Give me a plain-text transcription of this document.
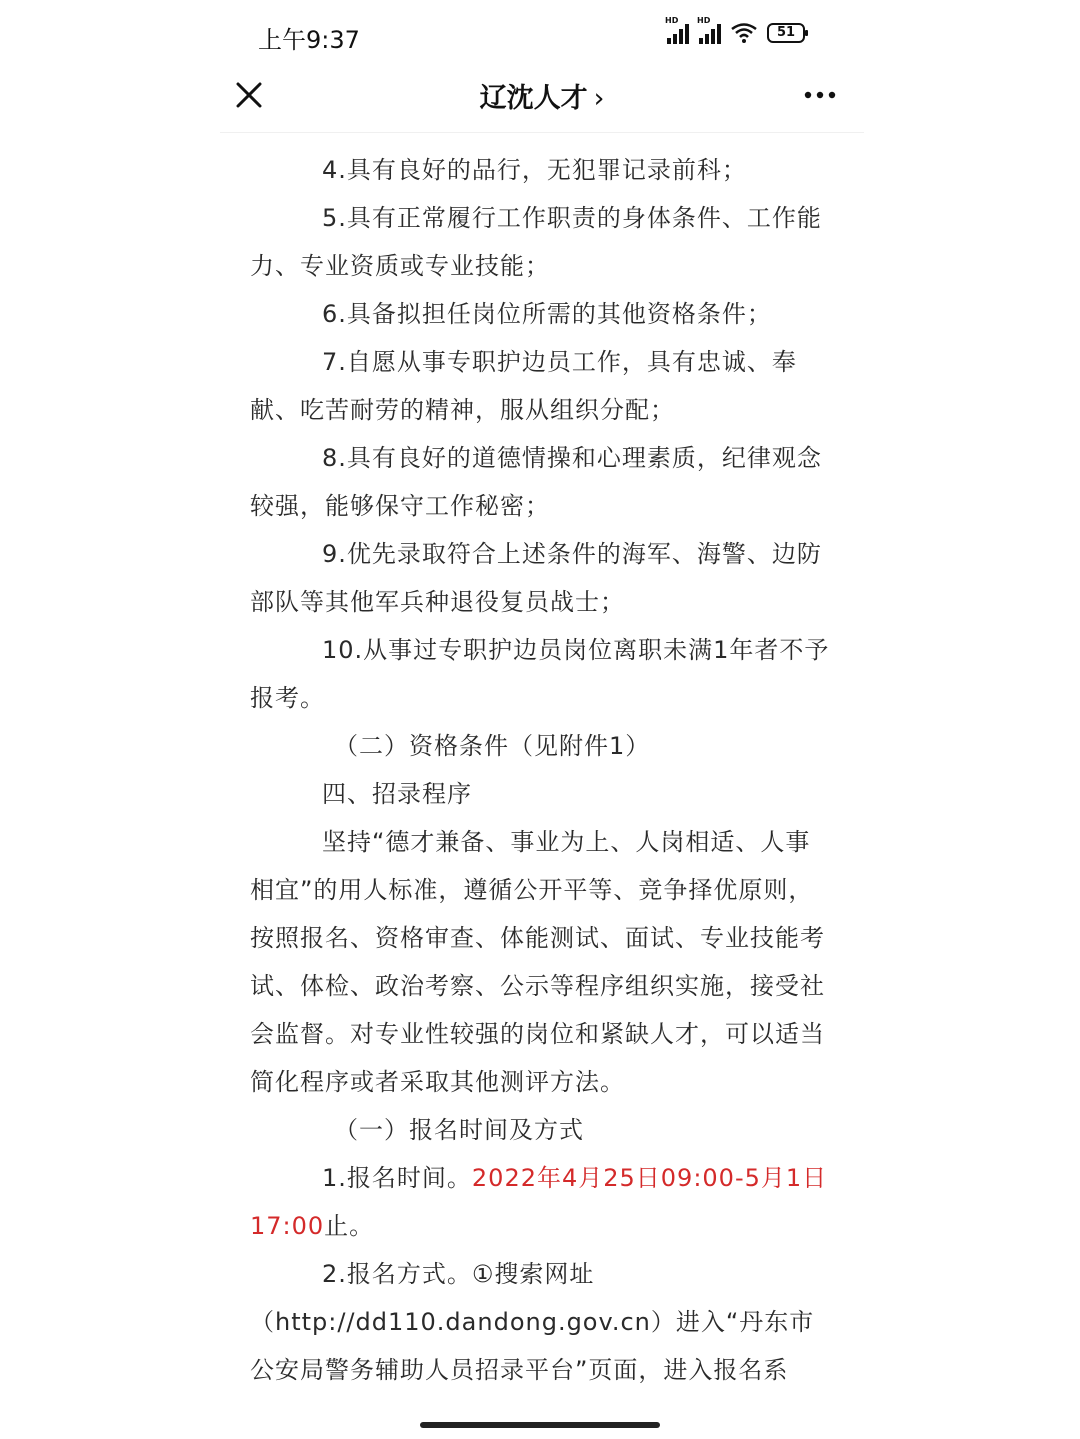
上午9:37
HD HD
51
辽沈人才 ›

4.具有良好的品行，无犯罪记录前科；

5.具有正常履行工作职责的身体条件、工作能力、专业资质或专业技能；

6.具备拟担任岗位所需的其他资格条件；

7.自愿从事专职护边员工作，具有忠诚、奉献、吃苦耐劳的精神，服从组织分配；

8.具有良好的道德情操和心理素质，纪律观念较强，能够保守工作秘密；

9.优先录取符合上述条件的海军、海警、边防部队等其他军兵种退役复员战士；

10.从事过专职护边员岗位离职未满1年者不予报考。

（二）资格条件（见附件1）

四、招录程序

坚持“德才兼备、事业为上、人岗相适、人事相宜”的用人标准，遵循公开平等、竞争择优原则，按照报名、资格审查、体能测试、面试、专业技能考试、体检、政治考察、公示等程序组织实施，接受社会监督。对专业性较强的岗位和紧缺人才，可以适当简化程序或者采取其他测评方法。

（一）报名时间及方式

1.报名时间。2022年4月25日09:00-5月1日17:00止。

2.报名方式。①搜索网址（http://dd110.dandong.gov.cn）进入“丹东市公安局警务辅助人员招录平台”页面，进入报名系
